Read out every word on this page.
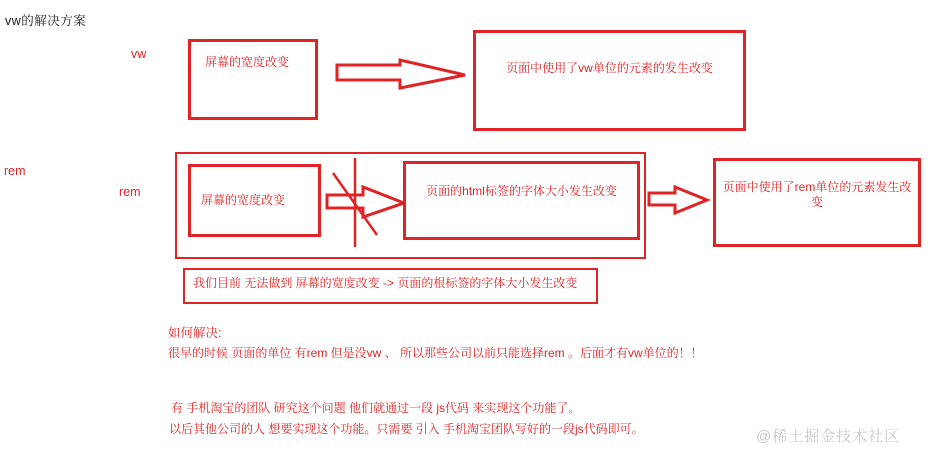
vw的解决方案
vw
屏幕的宽度改变	页面中使用了vw单位的元素的发生改变
rem
rem
屏幕的宽度改变
页面的html标签的字体大小发生改变	页面中使用了rem单位的元素发生改变
我们目前 无法做到 屏幕的宽度改变 -> 页面的根标签的字体大小发生改变
如何解决:
很早的时候 页面的单位 有rem 但是没vw 、 所以那些公司以前只能选择rem 。后面才有vw单位的！！
有 手机淘宝的团队 研究这个问题 他们就通过一段 js代码 来实现这个功能了。
以后其他公司的人 想要实现这个功能。只需要 引入 手机淘宝团队写好的一段js代码即可。	@稀土掘金技术社区
